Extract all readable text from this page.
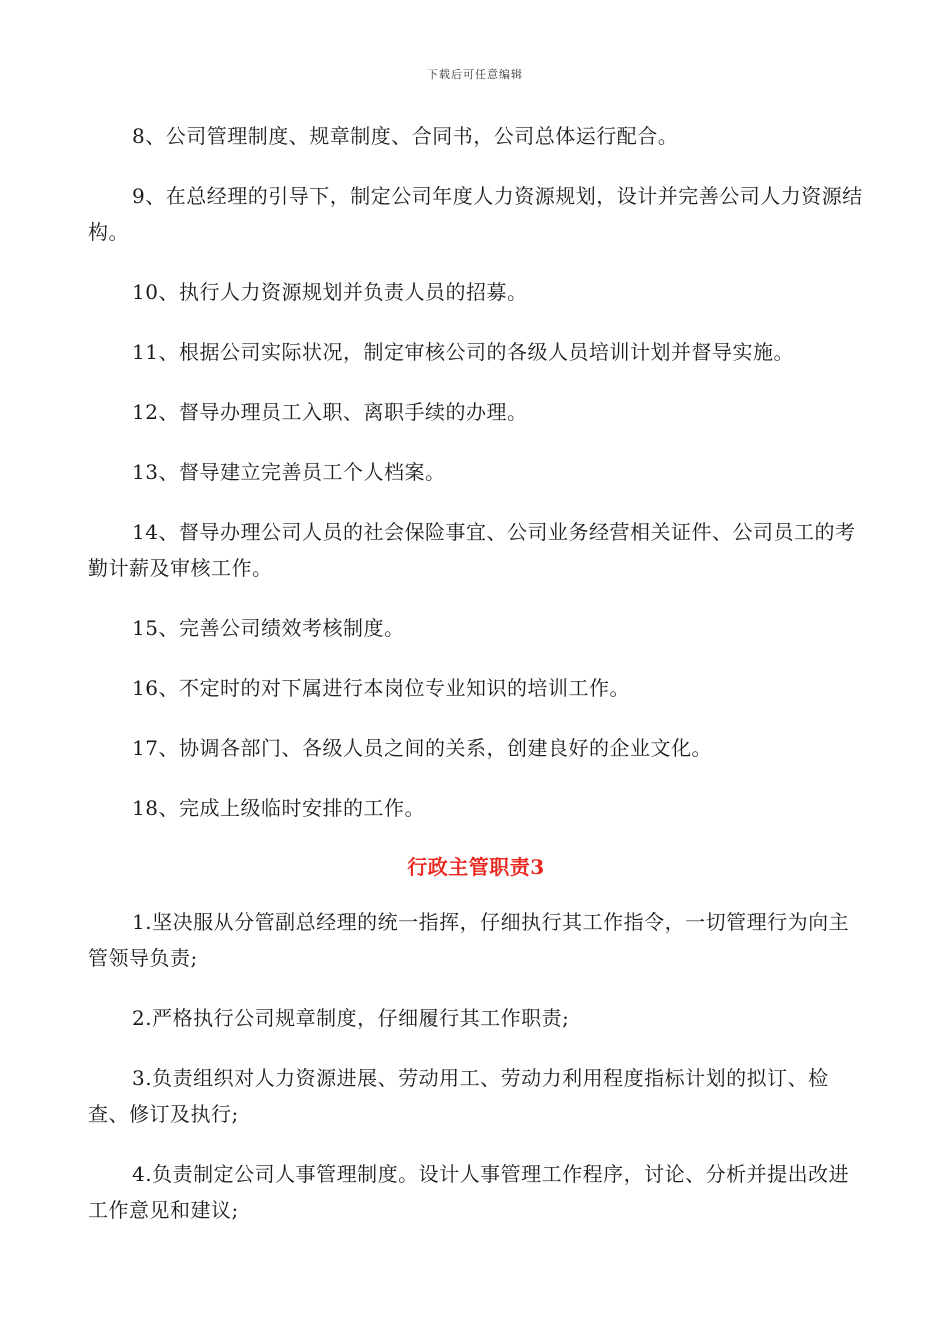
下载后可任意编辑

8、公司管理制度、规章制度、合同书，公司总体运行配合。

9、在总经理的引导下，制定公司年度人力资源规划，设计并完善公司人力资源结构。

10、执行人力资源规划并负责人员的招募。

11、根据公司实际状况，制定审核公司的各级人员培训计划并督导实施。

12、督导办理员工入职、离职手续的办理。

13、督导建立完善员工个人档案。

14、督导办理公司人员的社会保险事宜、公司业务经营相关证件、公司员工的考勤计薪及审核工作。

15、完善公司绩效考核制度。

16、不定时的对下属进行本岗位专业知识的培训工作。

17、协调各部门、各级人员之间的关系，创建良好的企业文化。

18、完成上级临时安排的工作。

行政主管职责3

1.坚决服从分管副总经理的统一指挥，仔细执行其工作指令，一切管理行为向主管领导负责;

2.严格执行公司规章制度，仔细履行其工作职责;

3.负责组织对人力资源进展、劳动用工、劳动力利用程度指标计划的拟订、检查、修订及执行;

4.负责制定公司人事管理制度。设计人事管理工作程序，讨论、分析并提出改进工作意见和建议;
